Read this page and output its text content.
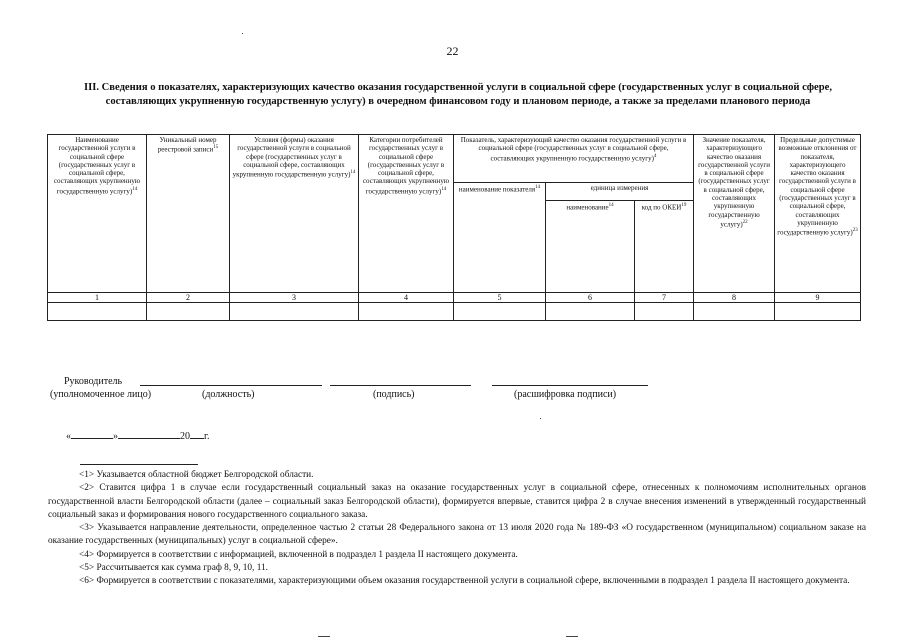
22
III. Сведения о показателях, характеризующих качество оказания государственной услуги в социальной сфере (государственных услуг в социальной сфере, составляющих укрупненную государственную услугу) в очередном финансовом году и плановом периоде, а также за пределами планового периода
Наименование государственной услуги в социальной сфере (государственных услуг в социальной сфере, составляющих укрупненную государственную услугу)$^{14}$	Уникальный номер реестровой записи$^{15}$	Условия (формы) оказания государственной услуги в социальной сфере (государственных услуг в социальной сфере, составляющих укрупненную государственную услугу)$^{14}$	Категории потребителей государственных услуг в социальной сфере (государственных услуг в социальной сфере, составляющих укрупненную государственную услугу)$^{14}$	Показатель, характеризующий качество оказания государственной услуги в социальной сфере (государственных услуг в социальной сфере, составляющих укрупненную государственную услугу)$^4$			Значение показателя, характеризующего качество оказания государственной услуги в социальной сфере (государственных услуг в социальной сфере, составляющих укрупненную государственную услугу)$^{22}$	Предельные допустимые возможные отклонения от показателя, характеризующего качество оказания государственной услуги в социальной сфере (государственных услуг в социальной сфере, составляющих укрупненную государственную услугу)$^{23}$
				наименование показателя$^{14}$	единица измерения			
					наименование$^{14}$	код по ОКЕИ$^{19}$
1	2	3	4	5	6	7	8	9

Руководитель
(уполномоченное лицо)	(должность)	(подпись)	(расшифровка подписи)
«	»	20 г.

<1> Указывается областной бюджет Белгородской области.

<2> Ставится цифра 1 в случае если государственный социальный заказ на оказание государственных услуг в социальной сфере, отнесенных к полномочиям исполнительных органов государственной власти Белгородской области (далее – социальный заказ Белгородской области), формируется впервые, ставится цифра 2 в случае внесения изменений в утвержденный государственный социальный заказ и формирования нового государственного социального заказа.

<3> Указывается направление деятельности, определенное частью 2 статьи 28 Федерального закона от 13 июля 2020 года № 189-ФЗ «О государственном (муниципальном) социальном заказе на оказание государственных (муниципальных) услуг в социальной сфере».

<4> Формируется в соответствии с информацией, включенной в подраздел 1 раздела II настоящего документа.

<5> Рассчитывается как сумма граф 8, 9, 10, 11.

<6> Формируется в соответствии с показателями, характеризующими объем оказания государственной услуги в социальной сфере, включенными в подраздел 1 раздела II настоящего документа.
